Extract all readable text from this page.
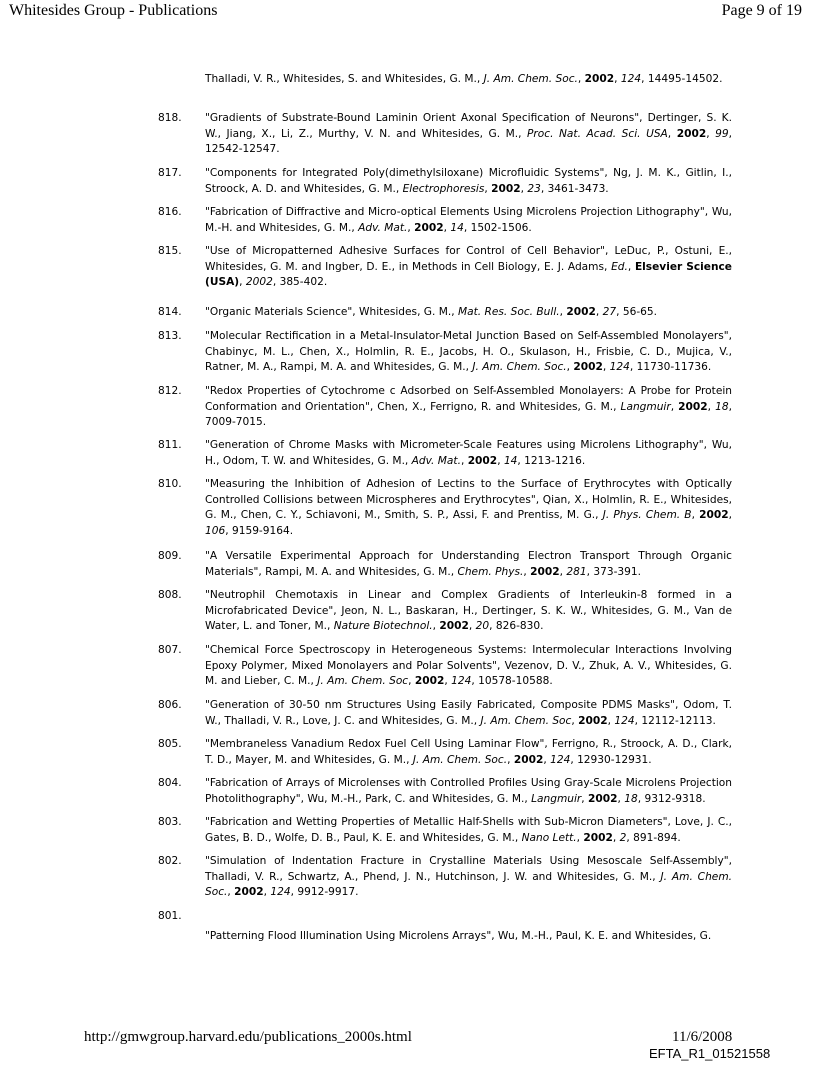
Whitesides Group - Publications	Page 9 of 19
Thalladi, V. R., Whitesides, S. and Whitesides, G. M., J. Am. Chem. Soc., 2002, 124, 14495-14502.
818. "Gradients of Substrate-Bound Laminin Orient Axonal Specification of Neurons", Dertinger, S. K. W., Jiang, X., Li, Z., Murthy, V. N. and Whitesides, G. M., Proc. Nat. Acad. Sci. USA, 2002, 99, 12542-12547.
817. "Components for Integrated Poly(dimethylsiloxane) Microfluidic Systems", Ng, J. M. K., Gitlin, I., Stroock, A. D. and Whitesides, G. M., Electrophoresis, 2002, 23, 3461-3473.
816. "Fabrication of Diffractive and Micro-optical Elements Using Microlens Projection Lithography", Wu, M.-H. and Whitesides, G. M., Adv. Mat., 2002, 14, 1502-1506.
815. "Use of Micropatterned Adhesive Surfaces for Control of Cell Behavior", LeDuc, P., Ostuni, E., Whitesides, G. M. and Ingber, D. E., in Methods in Cell Biology, E. J. Adams, Ed., Elsevier Science (USA), 2002, 385-402.
814. "Organic Materials Science", Whitesides, G. M., Mat. Res. Soc. Bull., 2002, 27, 56-65.
813. "Molecular Rectification in a Metal-Insulator-Metal Junction Based on Self-Assembled Monolayers", Chabinyc, M. L., Chen, X., Holmlin, R. E., Jacobs, H. O., Skulason, H., Frisbie, C. D., Mujica, V., Ratner, M. A., Rampi, M. A. and Whitesides, G. M., J. Am. Chem. Soc., 2002, 124, 11730-11736.
812. "Redox Properties of Cytochrome c Adsorbed on Self-Assembled Monolayers: A Probe for Protein Conformation and Orientation", Chen, X., Ferrigno, R. and Whitesides, G. M., Langmuir, 2002, 18, 7009-7015.
811. "Generation of Chrome Masks with Micrometer-Scale Features using Microlens Lithography", Wu, H., Odom, T. W. and Whitesides, G. M., Adv. Mat., 2002, 14, 1213-1216.
810. "Measuring the Inhibition of Adhesion of Lectins to the Surface of Erythrocytes with Optically Controlled Collisions between Microspheres and Erythrocytes", Qian, X., Holmlin, R. E., Whitesides, G. M., Chen, C. Y., Schiavoni, M., Smith, S. P., Assi, F. and Prentiss, M. G., J. Phys. Chem. B, 2002, 106, 9159-9164.
809. "A Versatile Experimental Approach for Understanding Electron Transport Through Organic Materials", Rampi, M. A. and Whitesides, G. M., Chem. Phys., 2002, 281, 373-391.
808. "Neutrophil Chemotaxis in Linear and Complex Gradients of Interleukin-8 formed in a Microfabricated Device", Jeon, N. L., Baskaran, H., Dertinger, S. K. W., Whitesides, G. M., Van de Water, L. and Toner, M., Nature Biotechnol., 2002, 20, 826-830.
807. "Chemical Force Spectroscopy in Heterogeneous Systems: Intermolecular Interactions Involving Epoxy Polymer, Mixed Monolayers and Polar Solvents", Vezenov, D. V., Zhuk, A. V., Whitesides, G. M. and Lieber, C. M., J. Am. Chem. Soc, 2002, 124, 10578-10588.
806. "Generation of 30-50 nm Structures Using Easily Fabricated, Composite PDMS Masks", Odom, T. W., Thalladi, V. R., Love, J. C. and Whitesides, G. M., J. Am. Chem. Soc, 2002, 124, 12112-12113.
805. "Membraneless Vanadium Redox Fuel Cell Using Laminar Flow", Ferrigno, R., Stroock, A. D., Clark, T. D., Mayer, M. and Whitesides, G. M., J. Am. Chem. Soc., 2002, 124, 12930-12931.
804. "Fabrication of Arrays of Microlenses with Controlled Profiles Using Gray-Scale Microlens Projection Photolithography", Wu, M.-H., Park, C. and Whitesides, G. M., Langmuir, 2002, 18, 9312-9318.
803. "Fabrication and Wetting Properties of Metallic Half-Shells with Sub-Micron Diameters", Love, J. C., Gates, B. D., Wolfe, D. B., Paul, K. E. and Whitesides, G. M., Nano Lett., 2002, 2, 891-894.
802. "Simulation of Indentation Fracture in Crystalline Materials Using Mesoscale Self-Assembly", Thalladi, V. R., Schwartz, A., Phend, J. N., Hutchinson, J. W. and Whitesides, G. M., J. Am. Chem. Soc., 2002, 124, 9912-9917.
801.
"Patterning Flood Illumination Using Microlens Arrays", Wu, M.-H., Paul, K. E. and Whitesides, G.
http://gmwgroup.harvard.edu/publications_2000s.html	11/6/2008
EFTA_R1_01521558
